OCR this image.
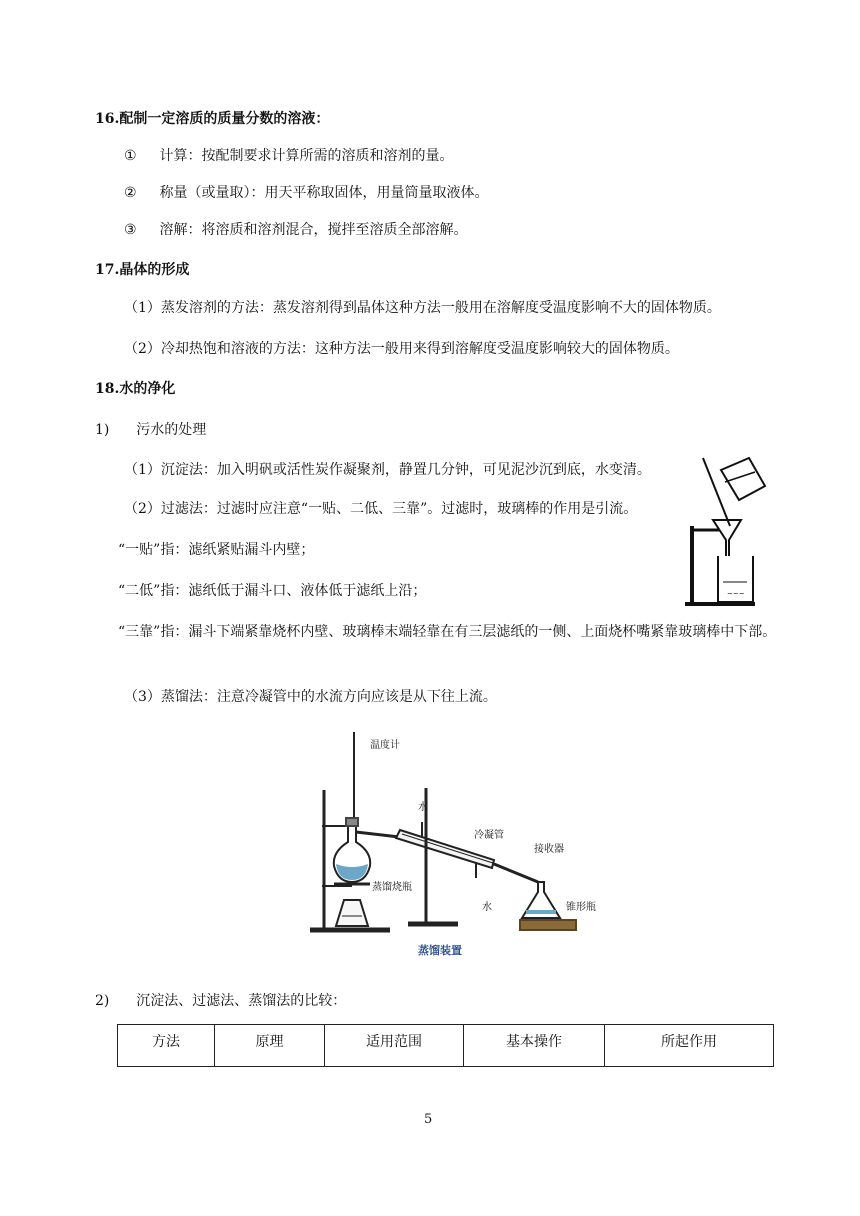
16.配制一定溶质的质量分数的溶液：
① 计算：按配制要求计算所需的溶质和溶剂的量。
② 称量（或量取）：用天平称取固体，用量筒量取液体。
③ 溶解：将溶质和溶剂混合，搅拌至溶质全部溶解。
17.晶体的形成
（1）蒸发溶剂的方法：蒸发溶剂得到晶体这种方法一般用在溶解度受温度影响不大的固体物质。
（2）冷却热饱和溶液的方法：这种方法一般用来得到溶解度受温度影响较大的固体物质。
18.水的净化
1) 污水的处理
（1）沉淀法：加入明矾或活性炭作凝聚剂，静置几分钟，可见泥沙沉到底，水变清。
（2）过滤法：过滤时应注意“一贴、二低、三靠”。过滤时，玻璃棒的作用是引流。
“一贴”指：滤纸紧贴漏斗内壁；
“二低”指：滤纸低于漏斗口、液体低于滤纸上沿；
“三靠”指：漏斗下端紧靠烧杯内壁、玻璃棒末端轻靠在有三层滤纸的一侧、上面烧杯嘴紧靠玻璃棒中下部。
（3）蒸馏法：注意冷凝管中的水流方向应该是从下往上流。
~~~
温度计
水
冷凝管
接收器
蒸馏烧瓶
水	锥形瓶
蒸馏装置
2) 沉淀法、过滤法、蒸馏法的比较：
方法	原理	适用范围	基本操作	所起作用
5
